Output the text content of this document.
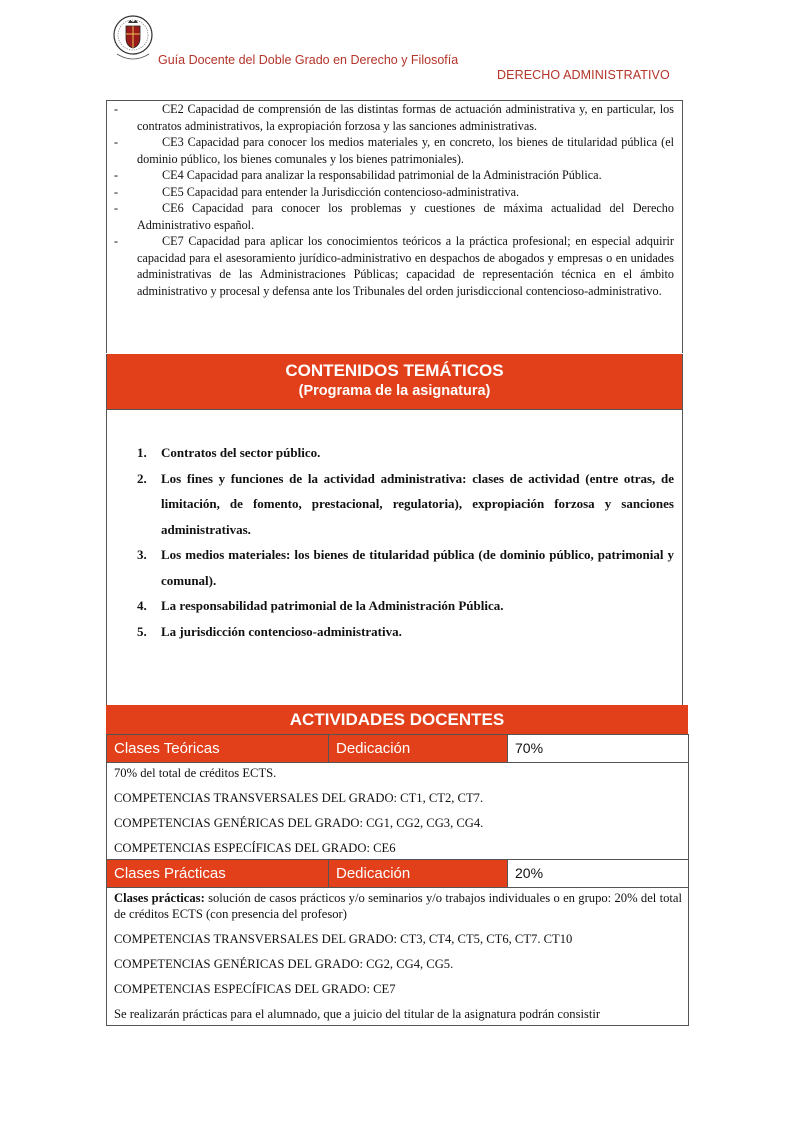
Guía Docente del Doble Grado en Derecho y Filosofía
DERECHO ADMINISTRATIVO
-	CE2 Capacidad de comprensión de las distintas formas de actuación administrativa y, en particular, los contratos administrativos, la expropiación forzosa y las sanciones administrativas.
-	CE3 Capacidad para conocer los medios materiales y, en concreto, los bienes de titularidad pública (el dominio público, los bienes comunales y los bienes patrimoniales).
-	CE4 Capacidad para analizar la responsabilidad patrimonial de la Administración Pública.
-	CE5 Capacidad para entender la Jurisdicción contencioso-administrativa.
-	CE6 Capacidad para conocer los problemas y cuestiones de máxima actualidad del Derecho Administrativo español.
-	CE7 Capacidad para aplicar los conocimientos teóricos a la práctica profesional; en especial adquirir capacidad para el asesoramiento jurídico-administrativo en despachos de abogados y empresas o en unidades administrativas de las Administraciones Públicas; capacidad de representación técnica en el ámbito administrativo y procesal y defensa ante los Tribunales del orden jurisdiccional contencioso-administrativo.
CONTENIDOS TEMÁTICOS
(Programa de la asignatura)
1. Contratos del sector público.
2. Los fines y funciones de la actividad administrativa: clases de actividad (entre otras, de limitación, de fomento, prestacional, regulatoria), expropiación forzosa y sanciones administrativas.
3. Los medios materiales: los bienes de titularidad pública (de dominio público, patrimonial y comunal).
4. La responsabilidad patrimonial de la Administración Pública.
5. La jurisdicción contencioso-administrativa.
ACTIVIDADES DOCENTES
Clases Teóricas	Dedicación	70%

70% del total de créditos ECTS.

COMPETENCIAS TRANSVERSALES DEL GRADO: CT1, CT2, CT7.

COMPETENCIAS GENÉRICAS DEL GRADO: CG1, CG2, CG3, CG4.

COMPETENCIAS ESPECÍFICAS DEL GRADO: CE6		

Clases Prácticas	Dedicación	20%

Clases prácticas: solución de casos prácticos y/o seminarios y/o trabajos individuales o en grupo: 20% del total de créditos ECTS (con presencia del profesor)

COMPETENCIAS TRANSVERSALES DEL GRADO: CT3, CT4, CT5, CT6, CT7. CT10

COMPETENCIAS GENÉRICAS DEL GRADO: CG2, CG4, CG5.

COMPETENCIAS ESPECÍFICAS DEL GRADO: CE7

Se realizarán prácticas para el alumnado, que a juicio del titular de la asignatura podrán consistir		
